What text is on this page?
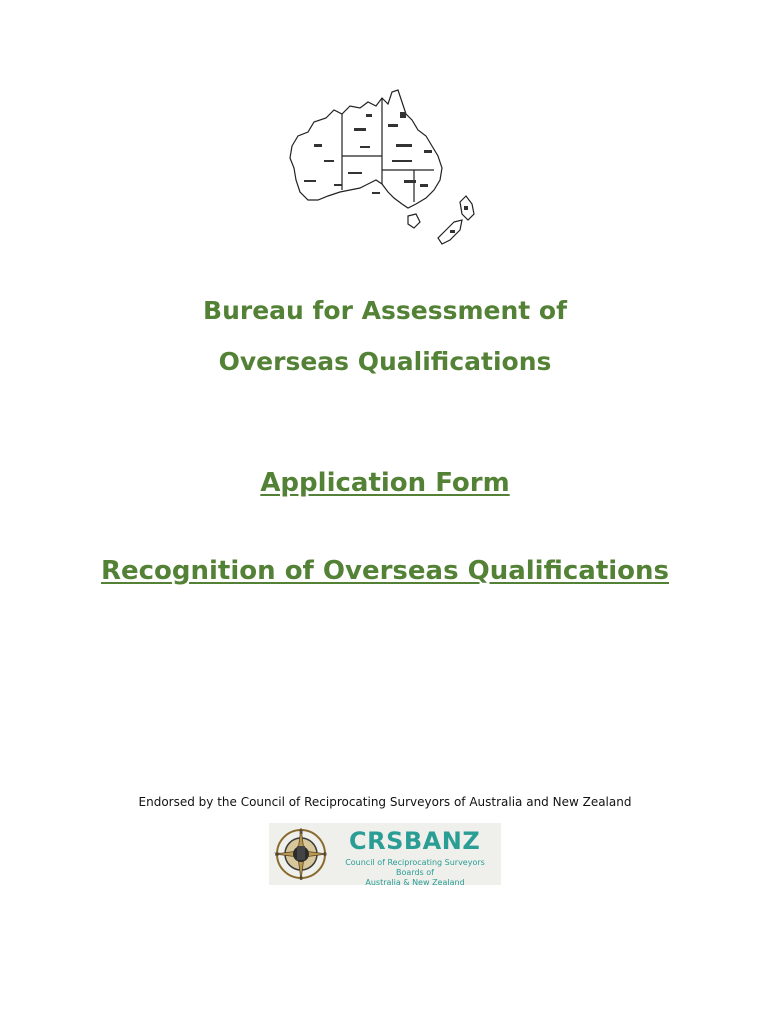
Bureau for Assessment of
Overseas Qualifications
Application Form
Recognition of Overseas Qualifications
Endorsed by the Council of Reciprocating Surveyors of Australia and New Zealand
N
S
W	E CRSBANZ
Council of Reciprocating Surveyors Boards of
Australia & New Zealand
